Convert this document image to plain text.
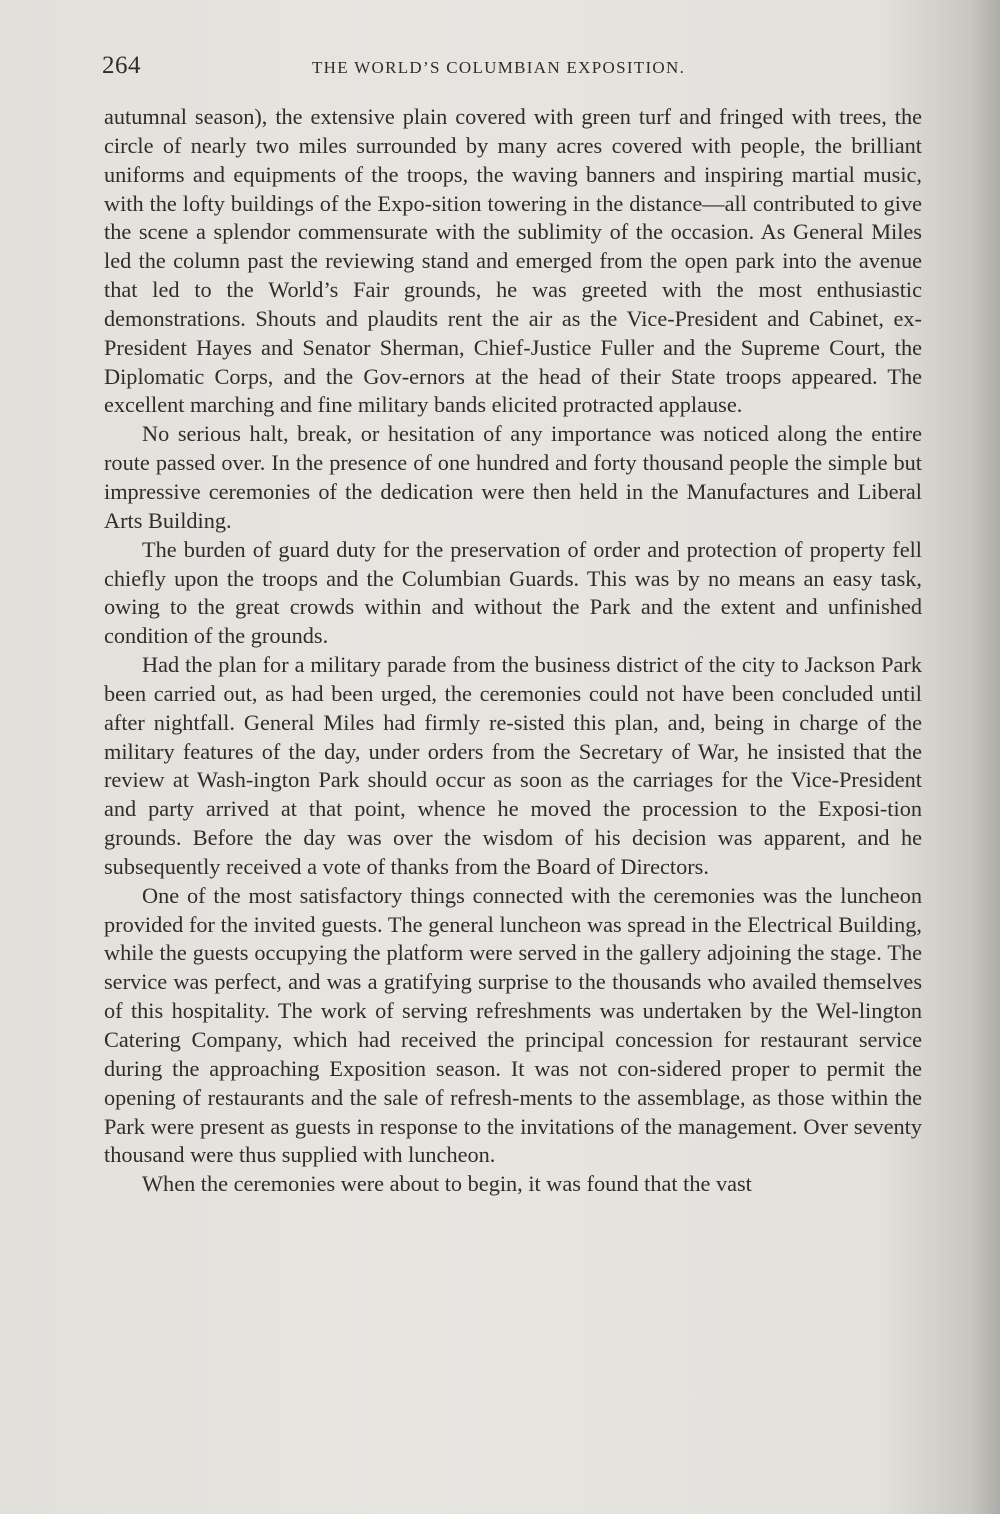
264	THE WORLD’S COLUMBIAN EXPOSITION.

autumnal season), the extensive plain covered with green turf and fringed with trees, the circle of nearly two miles surrounded by many acres covered with people, the brilliant uniforms and equipments of the troops, the waving banners and inspiring martial music, with the lofty buildings of the Expo-sition towering in the distance—all contributed to give the scene a splendor commensurate with the sublimity of the occasion. As General Miles led the column past the reviewing stand and emerged from the open park into the avenue that led to the World’s Fair grounds, he was greeted with the most enthusiastic demonstrations. Shouts and plaudits rent the air as the Vice-President and Cabinet, ex-President Hayes and Senator Sherman, Chief-Justice Fuller and the Supreme Court, the Diplomatic Corps, and the Gov-ernors at the head of their State troops appeared. The excellent marching and fine military bands elicited protracted applause.

No serious halt, break, or hesitation of any importance was noticed along the entire route passed over. In the presence of one hundred and forty thousand people the simple but impressive ceremonies of the dedication were then held in the Manufactures and Liberal Arts Building.

The burden of guard duty for the preservation of order and protection of property fell chiefly upon the troops and the Columbian Guards. This was by no means an easy task, owing to the great crowds within and without the Park and the extent and unfinished condition of the grounds.

Had the plan for a military parade from the business district of the city to Jackson Park been carried out, as had been urged, the ceremonies could not have been concluded until after nightfall. General Miles had firmly re-sisted this plan, and, being in charge of the military features of the day, under orders from the Secretary of War, he insisted that the review at Wash-ington Park should occur as soon as the carriages for the Vice-President and party arrived at that point, whence he moved the procession to the Exposi-tion grounds. Before the day was over the wisdom of his decision was apparent, and he subsequently received a vote of thanks from the Board of Directors.

One of the most satisfactory things connected with the ceremonies was the luncheon provided for the invited guests. The general luncheon was spread in the Electrical Building, while the guests occupying the platform were served in the gallery adjoining the stage. The service was perfect, and was a gratifying surprise to the thousands who availed themselves of this hospitality. The work of serving refreshments was undertaken by the Wel-lington Catering Company, which had received the principal concession for restaurant service during the approaching Exposition season. It was not con-sidered proper to permit the opening of restaurants and the sale of refresh-ments to the assemblage, as those within the Park were present as guests in response to the invitations of the management. Over seventy thousand were thus supplied with luncheon.

When the ceremonies were about to begin, it was found that the vast
